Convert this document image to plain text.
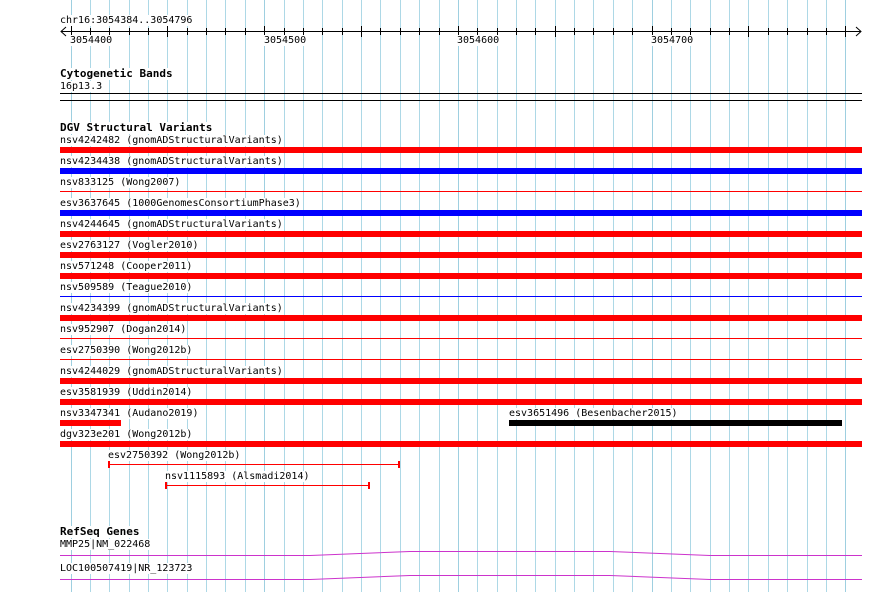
chr16:3054384..3054796
3054400	3054500	3054600	3054700
Cytogenetic Bands
16p13.3
DGV Structural Variants
nsv4242482 (gnomADStructuralVariants)
nsv4234438 (gnomADStructuralVariants)
nsv833125 (Wong2007)
esv3637645 (1000GenomesConsortiumPhase3)
nsv4244645 (gnomADStructuralVariants)
esv2763127 (Vogler2010)
nsv571248 (Cooper2011)
nsv509589 (Teague2010)
nsv4234399 (gnomADStructuralVariants)
nsv952907 (Dogan2014)
esv2750390 (Wong2012b)
nsv4244029 (gnomADStructuralVariants)
esv3581939 (Uddin2014)
nsv3347341 (Audano2019)	esv3651496 (Besenbacher2015)
dgv323e201 (Wong2012b)
esv2750392 (Wong2012b)
nsv1115893 (Alsmadi2014)
RefSeq Genes
MMP25|NM_022468
LOC100507419|NR_123723
